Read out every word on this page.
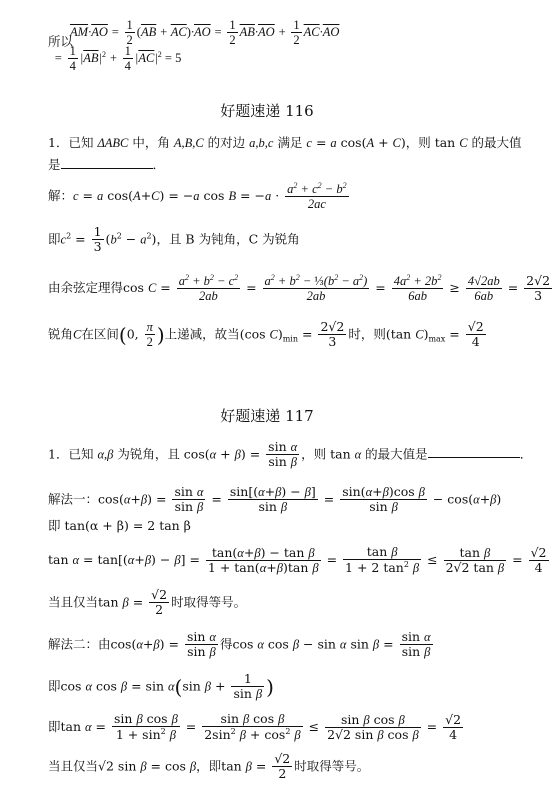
$\overline{AM}\cdot\overline{AO} = \frac{1}{2} (\overline{AB} + \overline{AC})\cdot\overline{AO} = \frac{1}{2} \overline{AB}\cdot\overline{AO} + \frac{1}{2} \overline{AC}\cdot\overline{AO}$
所以
= $\frac{1}{4} |\overline{AB}|^2 + \frac{1}{4} |\overline{AC}|^2 = 5$
好题速递 116
1．已知 ΔABC 中，角 A,B,C 的对边 a,b,c 满足 c = a cos(A + C)，则 tan C 的最大值
是	．
解：c = a cos(A+C) = −a $\cos B = -a \cdot \frac{a^2 + c^2 - b^2}{2ac}$
即$c^2 = \frac{1}{3} (b^2 - a^2)$，且 B 为钝角，C 为锐角
由余弦定理得$\cos C = \frac{a^2 + b^2 - c^2}{2ab} = \frac{a^2 + b^2 - \frac{1}{3}(b^2 - a^2)}{2ab} = \frac{4a^2 + 2b^2}{6ab} \ge \frac{4√2ab}{6ab} = \frac{2√2}{3}$
锐角C在区间(0, $\frac{\pi}{2}$ )上递减，故当(cos $C)_{min} = \frac{2√2}{3}$ 时，则(tan $C)_{max} = \frac{√2}{4}$
好题速递 117
1．已知 α,β 为锐角，且 $\cos(\alpha + \beta) = \frac{\text{sin α}}{\text{sin β}}$ ，则 tan α 的最大值是	．
解法一：$\cos(\alpha+\beta) = \frac{\text{sin α}}{\text{sin β}} = \frac{\sin[(\alpha+\beta) - \beta]}{\text{sin β}} = \frac{\text{sin(α+β)cos β}}{\text{sin β}} - \cos(\alpha+\beta)$
即 tan(α + β) = 2 tan β
$\tan \alpha = \tan[(\alpha+\beta) - \beta] = \frac{\text{tan(α+β) − tan β}}{\text{1 + tan(α+β)tan β}} = \frac{\text{tan β}}{1 + 2 \tan^2 \beta} \le \frac{\text{tan β}}{\text{2√2 tan β}} = \frac{√2}{4}$
当且仅当$\tan \beta = \frac{√2}{2}$ 时取得等号。
解法二：由$\cos(\alpha+\beta) = \frac{\text{sin α}}{\text{sin β}}$ 得cos α cos β − sin α $\sin \beta = \frac{\text{sin α}}{\text{sin β}}$
即cos α cos β = sin α(sin $\beta + \frac{1}{\text{sin β}}$ )
即$\tan \alpha = \frac{\text{sin β cos β}}{1 + \sin^2 \beta} = \frac{\text{sin β cos β}}{2\sin^2 \beta + \cos^2 \beta} \le \frac{\text{sin β cos β}}{\text{2√2 sin β cos β}} = \frac{√2}{4}$
当且仅当√2 sin β = cos β，即$\tan \beta = \frac{√2}{2}$ 时取得等号。
